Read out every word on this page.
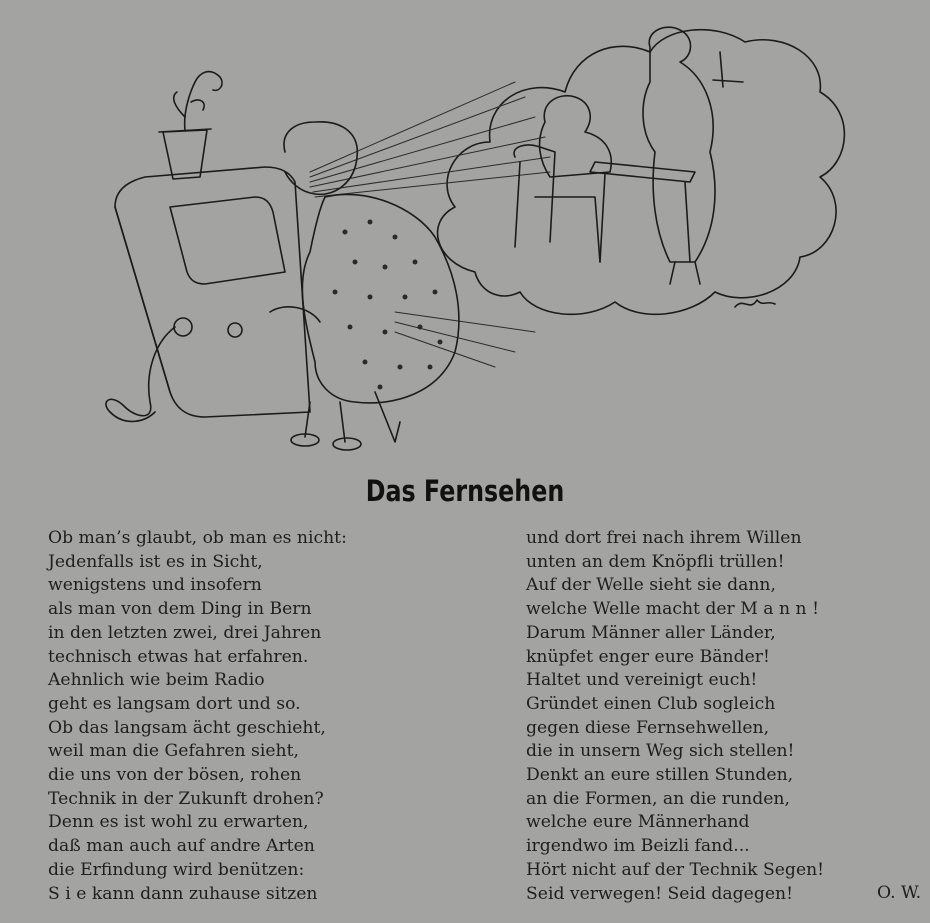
Das Fernsehen
Ob man’s glaubt, ob man es nicht:
Jedenfalls ist es in Sicht,
wenigstens und insofern
als man von dem Ding in Bern
in den letzten zwei, drei Jahren
technisch etwas hat erfahren.
Aehnlich wie beim Radio
geht es langsam dort und so.
Ob das langsam ächt geschieht,
weil man die Gefahren sieht,
die uns von der bösen, rohen
Technik in der Zukunft drohen?
Denn es ist wohl zu erwarten,
daß man auch auf andre Arten
die Erfindung wird benützen:
S i e kann dann zuhause sitzen
und dort frei nach ihrem Willen
unten an dem Knöpfli trüllen!
Auf der Welle sieht sie dann,
welche Welle macht der M a n n !
Darum Männer aller Länder,
knüpfet enger eure Bänder!
Haltet und vereinigt euch!
Gründet einen Club sogleich
gegen diese Fernsehwellen,
die in unsern Weg sich stellen!
Denkt an eure stillen Stunden,
an die Formen, an die runden,
welche eure Männerhand
irgendwo im Beizli fand...
Hört nicht auf der Technik Segen!
Seid verwegen! Seid dagegen!	O. W.
